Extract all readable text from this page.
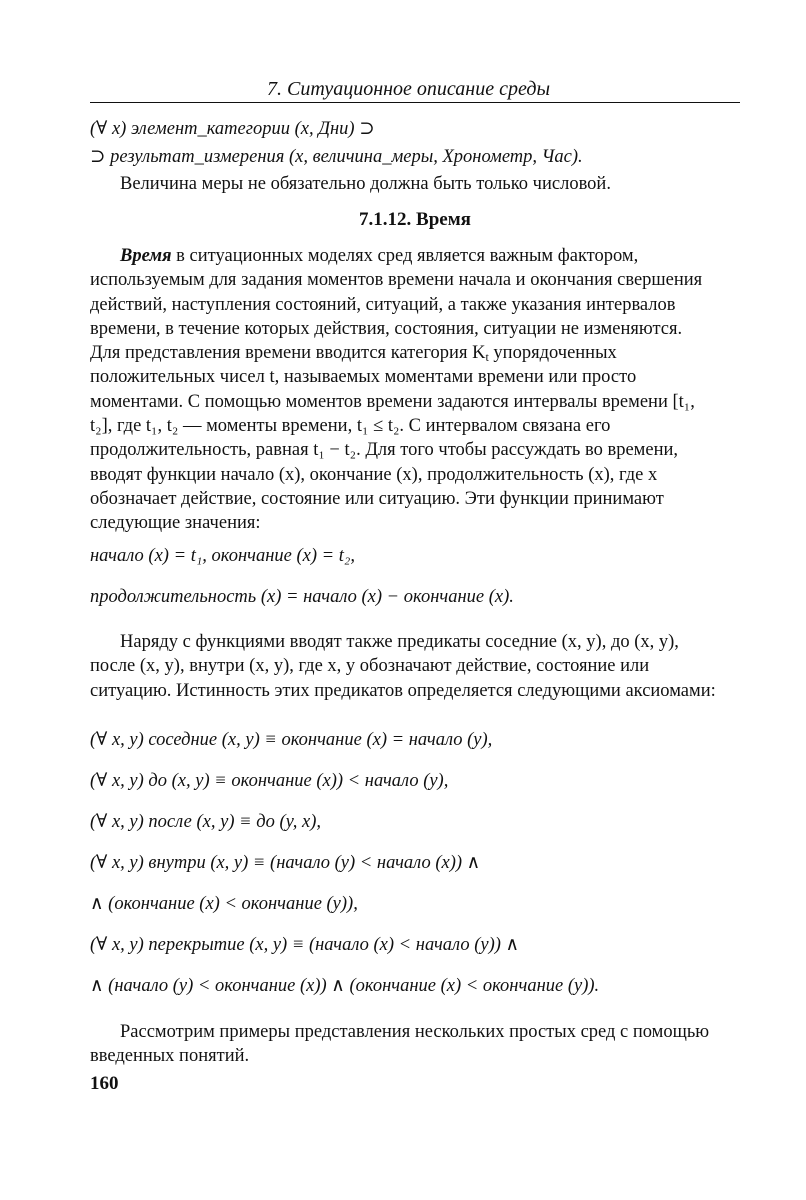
7. Ситуационное описание среды
(∀ x) элемент_категории (x, Дни) ⊃
⊃ результат_измерения (x, величина_меры, Хронометр, Час).
Величина меры не обязательно должна быть только числовой.
7.1.12. Время
Время в ситуационных моделях сред является важным фактором,
используемым для задания моментов времени начала и окончания свершения
действий, наступления состояний, ситуаций, а также указания интервалов
времени, в течение которых действия, состояния, ситуации не изменяются.
Для представления времени вводится категория $K_t$ упорядоченных
положительных чисел t, называемых моментами времени или просто
моментами. С помощью моментов времени задаются интервалы времени [t₁,
t₂], где t₁, t₂ — моменты времени, t₁ ≤ t₂. С интервалом связана его
продолжительность, равная t₁ − t₂. Для того чтобы рассуждать во времени,
вводят функции начало (x), окончание (x), продолжительность (x), где x
обозначает действие, состояние или ситуацию. Эти функции принимают
следующие значения:
начало (x) = t₁, окончание (x) = t₂,
продолжительность (x) = начало (x) − окончание (x).
Наряду с функциями вводят также предикаты соседние (x, y), до (x, y),
после (x, y), внутри (x, y), где x, y обозначают действие, состояние или
ситуацию. Истинность этих предикатов определяется следующими аксиомами:
(∀ x, y) соседние (x, y) ≡ окончание (x) = начало (y),
(∀ x, y) до (x, y) ≡ окончание (x)) < начало (y),
(∀ x, y) после (x, y) ≡ до (y, x),
(∀ x, y) внутри (x, y) ≡ (начало (y) < начало (x)) ∧
∧ (окончание (x) < окончание (y)),
(∀ x, y) перекрытие (x, y) ≡ (начало (x) < начало (y)) ∧
∧ (начало (y) < окончание (x)) ∧ (окончание (x) < окончание (y)).
Рассмотрим примеры представления нескольких простых сред с помощью
введенных понятий.
160
